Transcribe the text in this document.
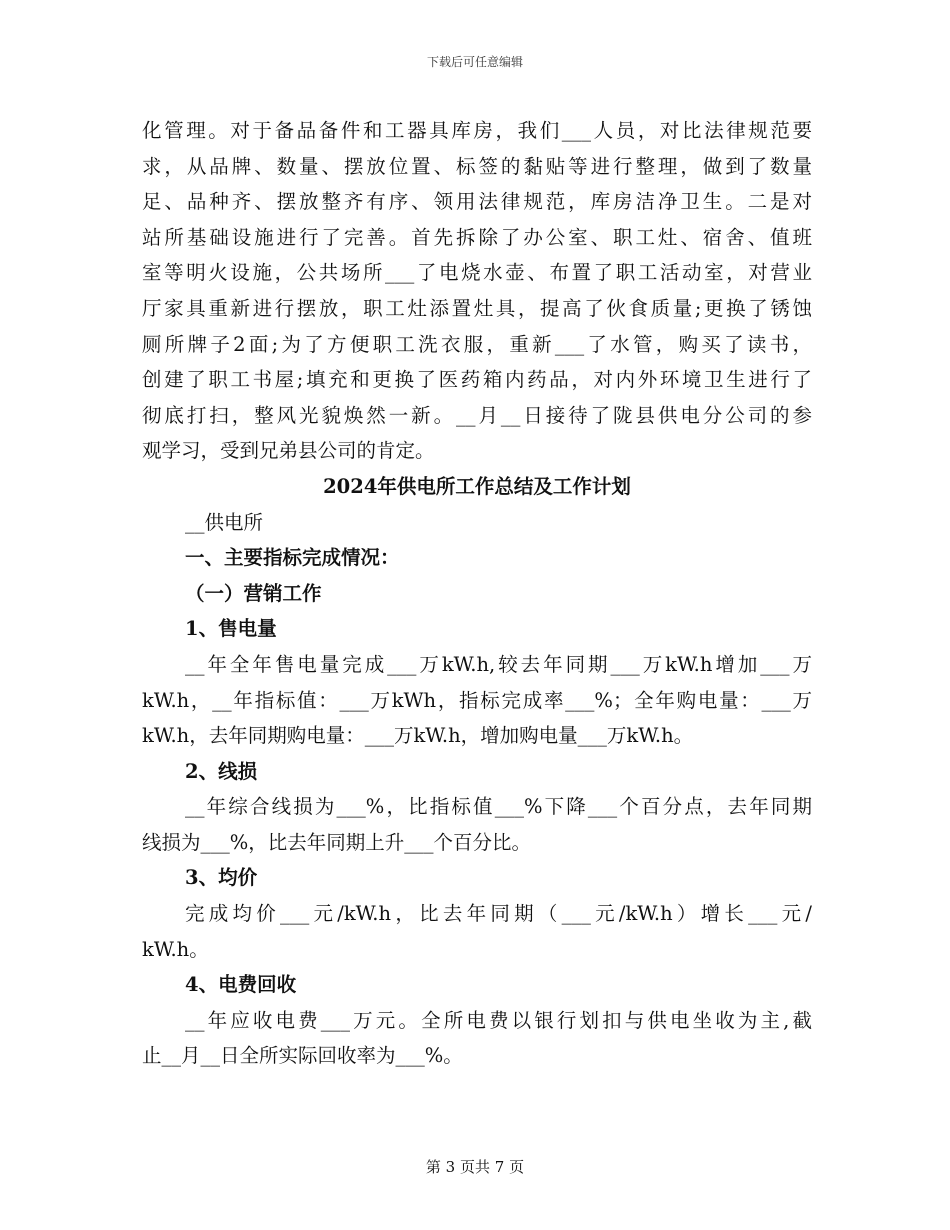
下载后可任意编辑
化管理。对于备品备件和工器具库房，我们___人员，对比法律规范要
求，从品牌、数量、摆放位置、标签的黏贴等进行整理，做到了数量
足、品种齐、摆放整齐有序、领用法律规范，库房洁净卫生。二是对
站所基础设施进行了完善。首先拆除了办公室、职工灶、宿舍、值班
室等明火设施，公共场所___了电烧水壶、布置了职工活动室，对营业
厅家具重新进行摆放，职工灶添置灶具，提高了伙食质量;更换了锈蚀
厕所牌子2面;为了方便职工洗衣服，重新___了水管，购买了读书，
创建了职工书屋;填充和更换了医药箱内药品，对内外环境卫生进行了
彻底打扫，整风光貌焕然一新。__月__日接待了陇县供电分公司的参
观学习，受到兄弟县公司的肯定。
2024年供电所工作总结及工作计划
__供电所
一、主要指标完成情况：
（一）营销工作
1、售电量
__年全年售电量完成___万kW.h,较去年同期___万kW.h增加___万
kW.h，__年指标值：___万kWh，指标完成率___%；全年购电量：___万
kW.h，去年同期购电量：___万kW.h，增加购电量___万kW.h。
2、线损
__年综合线损为___%，比指标值___%下降___个百分点，去年同期
线损为___%，比去年同期上升___个百分比。
3、均价
完成均价___元/kW.h，比去年同期（___元/kW.h）增长___元/
kW.h。
4、电费回收
__年应收电费___万元。全所电费以银行划扣与供电坐收为主,截
止__月__日全所实际回收率为___%。
第 3 页共 7 页
